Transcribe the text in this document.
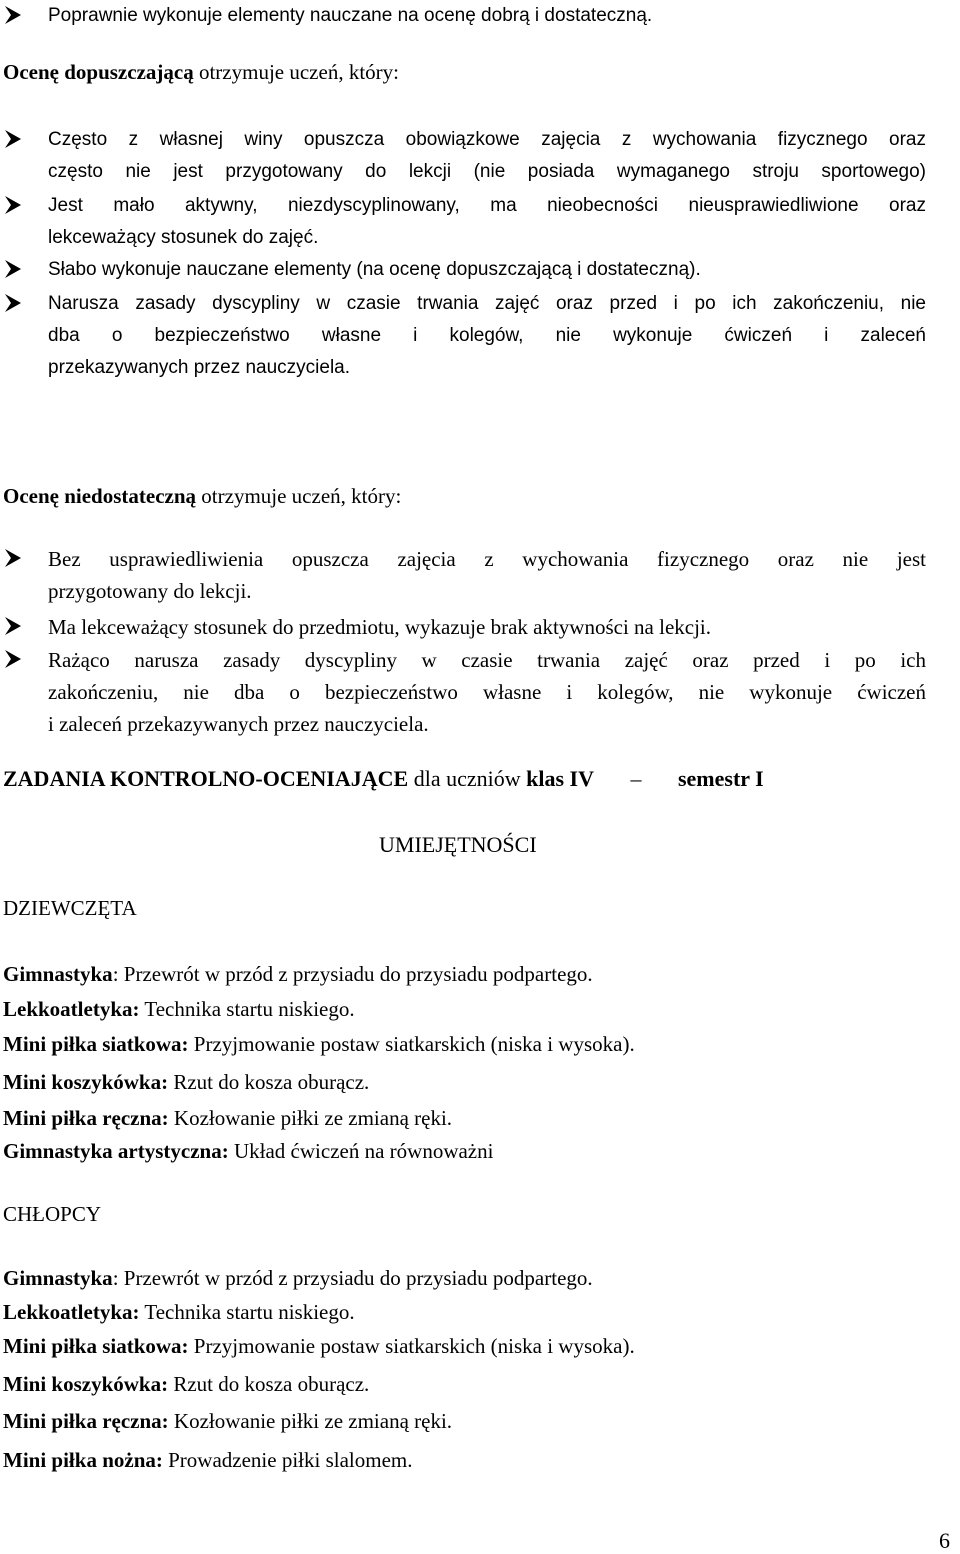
Poprawnie wykonuje elementy nauczane na ocenę dobrą i dostateczną.
Ocenę dopuszczającą otrzymuje uczeń, który:
Często z własnej winy opuszcza obowiązkowe zajęcia z wychowania fizycznego oraz
często nie jest przygotowany do lekcji (nie posiada wymaganego stroju sportowego)
Jest mało aktywny, niezdyscyplinowany, ma nieobecności nieusprawiedliwione oraz
lekceważący stosunek do zajęć.
Słabo wykonuje nauczane elementy (na ocenę dopuszczającą i dostateczną).
Narusza zasady dyscypliny w czasie trwania zajęć oraz przed i po ich zakończeniu, nie
dba o bezpieczeństwo własne i kolegów, nie wykonuje ćwiczeń i zaleceń
przekazywanych przez nauczyciela.
Ocenę niedostateczną otrzymuje uczeń, który:
Bez usprawiedliwienia opuszcza zajęcia z wychowania fizycznego oraz nie jest
przygotowany do lekcji.
Ma lekceważący stosunek do przedmiotu, wykazuje brak aktywności na lekcji.
Rażąco narusza zasady dyscypliny w czasie trwania zajęć oraz przed i po ich
zakończeniu, nie dba o bezpieczeństwo własne i kolegów, nie wykonuje ćwiczeń
i zaleceń przekazywanych przez nauczyciela.
ZADANIA KONTROLNO-OCENIAJĄCE dla uczniów klas IV – semestr I
UMIEJĘTNOŚCI
DZIEWCZĘTA
Gimnastyka: Przewrót w przód z przysiadu do przysiadu podpartego.
Lekkoatletyka: Technika startu niskiego.
Mini piłka siatkowa: Przyjmowanie postaw siatkarskich (niska i wysoka).
Mini koszykówka: Rzut do kosza oburącz.
Mini piłka ręczna: Kozłowanie piłki ze zmianą ręki.
Gimnastyka artystyczna: Układ ćwiczeń na równoważni
CHŁOPCY
Gimnastyka: Przewrót w przód z przysiadu do przysiadu podpartego.
Lekkoatletyka: Technika startu niskiego.
Mini piłka siatkowa: Przyjmowanie postaw siatkarskich (niska i wysoka).
Mini koszykówka: Rzut do kosza oburącz.
Mini piłka ręczna: Kozłowanie piłki ze zmianą ręki.
Mini piłka nożna: Prowadzenie piłki slalomem.
6
